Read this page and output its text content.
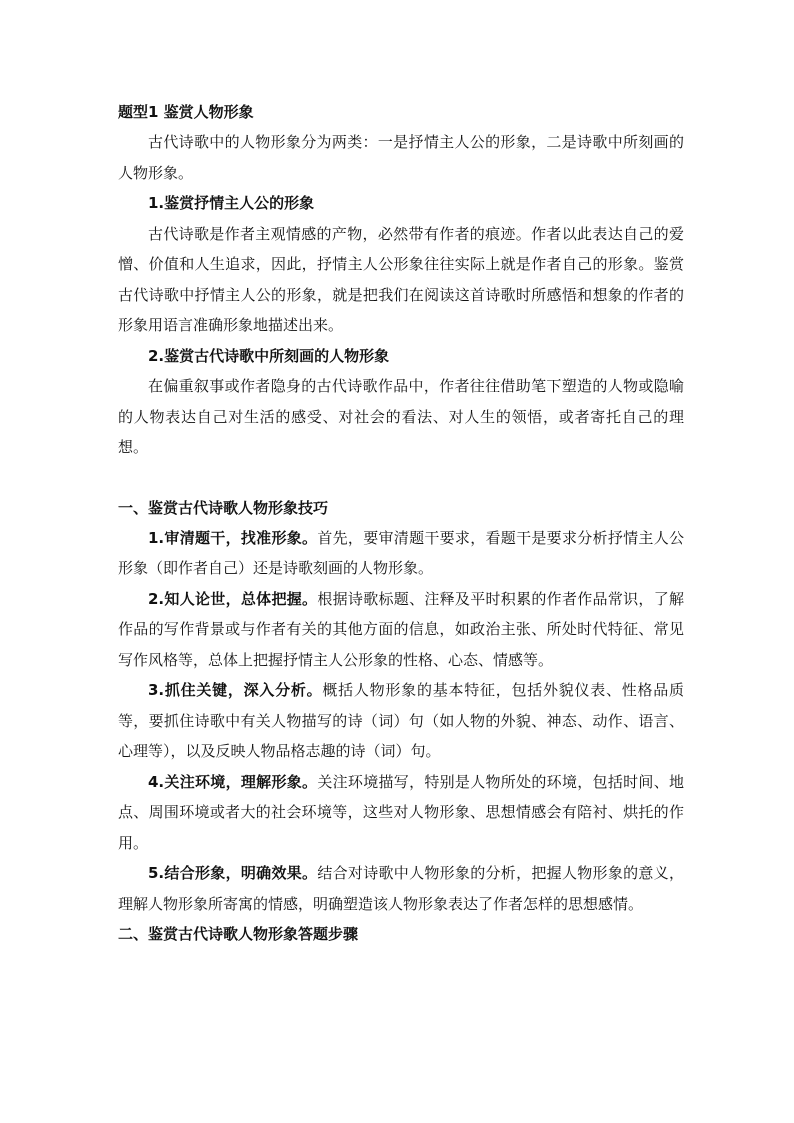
题型1 鉴赏人物形象

古代诗歌中的人物形象分为两类：一是抒情主人公的形象，二是诗歌中所刻画的人物形象。

1.鉴赏抒情主人公的形象

古代诗歌是作者主观情感的产物，必然带有作者的痕迹。作者以此表达自己的爱憎、价值和人生追求，因此，抒情主人公形象往往实际上就是作者自己的形象。鉴赏古代诗歌中抒情主人公的形象，就是把我们在阅读这首诗歌时所感悟和想象的作者的形象用语言准确形象地描述出来。

2.鉴赏古代诗歌中所刻画的人物形象

在偏重叙事或作者隐身的古代诗歌作品中，作者往往借助笔下塑造的人物或隐喻的人物表达自己对生活的感受、对社会的看法、对人生的领悟，或者寄托自己的理想。

一、鉴赏古代诗歌人物形象技巧

1.审清题干，找准形象。首先，要审清题干要求，看题干是要求分析抒情主人公形象（即作者自己）还是诗歌刻画的人物形象。

2.知人论世，总体把握。根据诗歌标题、注释及平时积累的作者作品常识，了解作品的写作背景或与作者有关的其他方面的信息，如政治主张、所处时代特征、常见写作风格等，总体上把握抒情主人公形象的性格、心态、情感等。

3.抓住关键，深入分析。概括人物形象的基本特征，包括外貌仪表、性格品质等，要抓住诗歌中有关人物描写的诗（词）句（如人物的外貌、神态、动作、语言、心理等），以及反映人物品格志趣的诗（词）句。

4.关注环境，理解形象。关注环境描写，特别是人物所处的环境，包括时间、地点、周围环境或者大的社会环境等，这些对人物形象、思想情感会有陪衬、烘托的作用。

5.结合形象，明确效果。结合对诗歌中人物形象的分析，把握人物形象的意义，理解人物形象所寄寓的情感，明确塑造该人物形象表达了作者怎样的思想感情。

二、鉴赏古代诗歌人物形象答题步骤
